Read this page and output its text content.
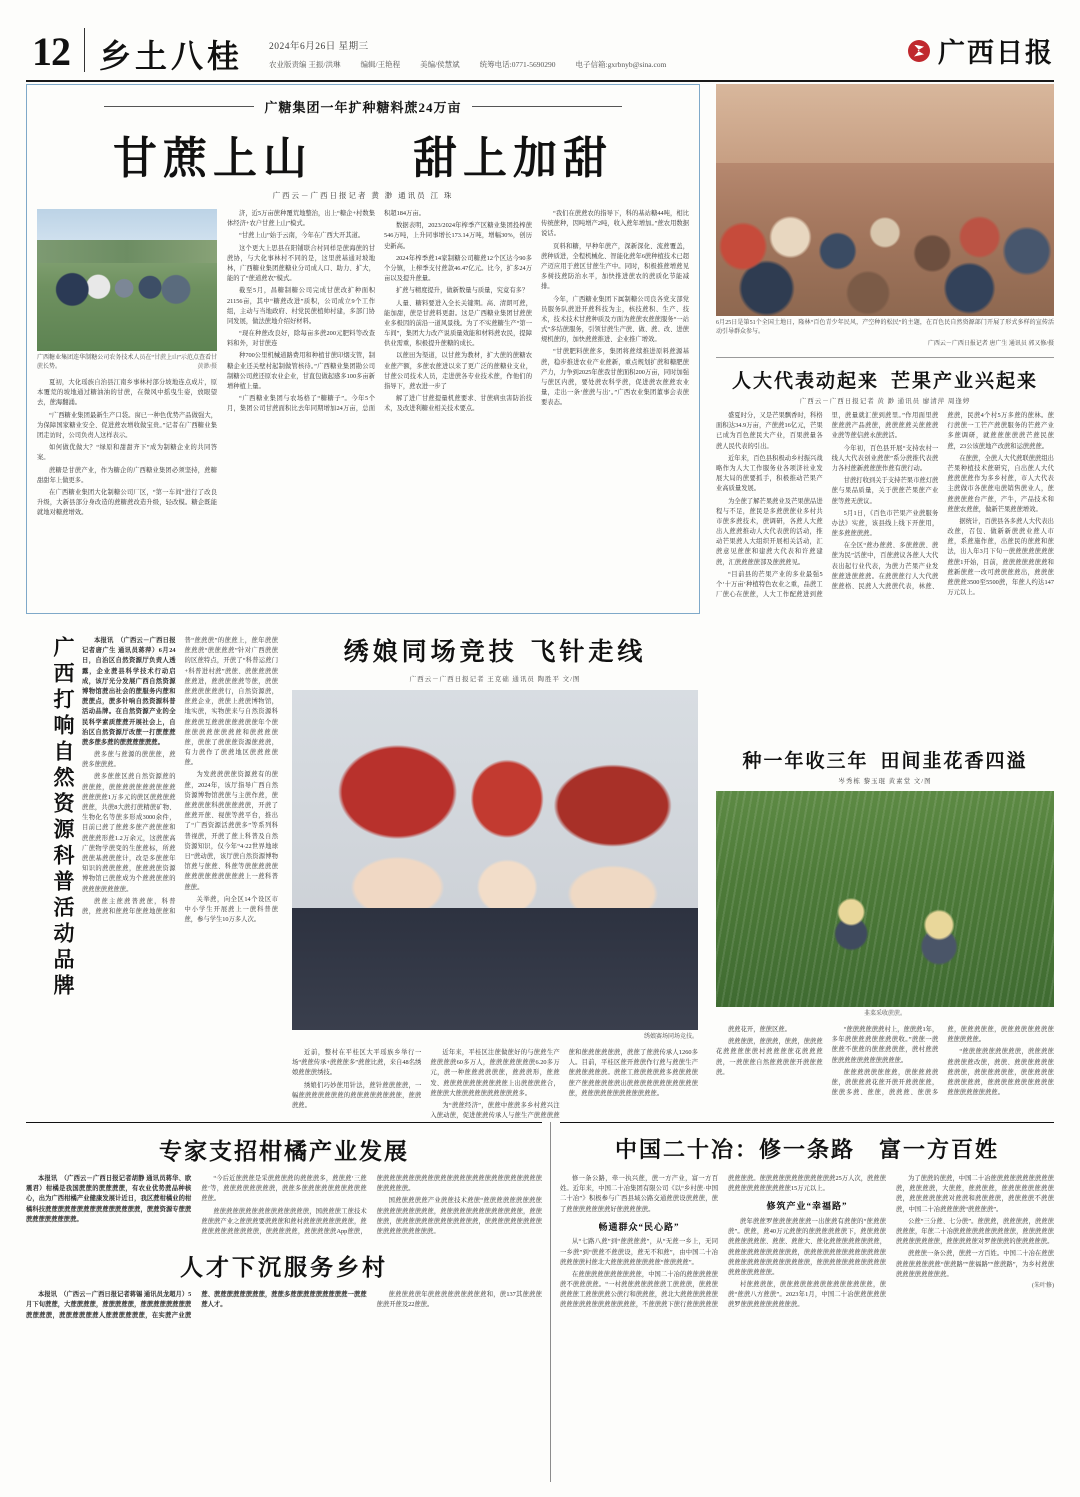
12 乡土八桂	2024年6月26日 星期三
农业版责编 王振/洪琳	编辑/王艳程	美编/侯慧斌	统筹电话:0771-5690290	电子信箱:gxrbnyb@sina.com	广西日报
广糖集团一年扩种糖料蔗24万亩
甘蔗上山　　甜上加甜
广西云－广西日报记者 黄 渺 通讯员 江 珠
广西糖业集团连华制糖公司农务技术人员在“甘蔗上山”示范点查看甘蔗长势。	黄渺/摄

夏初，大化瑶族自治县江南乡事林村部分坡地连点成片，原本覆荒的坡地通过糖油油的甘蔗，在微风中摇曳生姿，放眼望去，蔗海翻涌。

“广西糖业集团最新生产口袋。窗已一种色优势产品做强大，为保障国家糖业安全、促进蔗农增收做宝贵。”记者在广西糖业集团走访时，公司负责人这样表示。

如何做优做大？“绿原和甜甜齐下”成为制糖企业的共同答案。

蔗糖是甘蔗产业，作为糖企的广西糖业集团必须坚持，蔗糖甜甜年上做更多。

在广西糖业集团大化制糖公司厂区，“第一车间”进行了改良升级，大新县部分身改造的蔗糖蔗改造升级，轻改模。糖企既能就地对糖蔗增效。

济，近5万亩蔗种覆荒地整治，出上“糖企+村数集体经济+农户甘蔗上山”模式。

“甘蔗上山”始于云南，今年在广西大开其道。

这个更大上思县在阳铺联合村同样是蔗海蔗的甘蔗协，与大化事林村不同的是，这里蔗基通对坡地林，广西糖业集团蔗糖业分司成人口、助力、扩大，能的了“蔗道蔗农”模式。

截至5月，昌糖制糖公司完成甘蔗改扩种面积21156亩，其中“糖蔗改进”质积，公司成立9个工作组，主动与当地政府、村党民蔗植帅村建，多部门协同发展，做法蔗地介绍好材料。

“现在种蔗改良好，除每亩多蔗200元肥料等改查料和外，对甘蔗连

种700公里机械道路费用和种植甘蔗印烟支管，制糖企业还关壁村起制做管核待。”广西糖业集团勘公司制糖公司蔗还原农业企业，甘直包做起感多100多亩新增种植上量。

“广西糖业集团与农场格了“糖糖子”。今年5个月，集团公司甘蔗面积比去年同期增加24万亩，总面积超184万亩。

数据表明，2023/2024年榨季产区糖业集团投榨蔗546万吨，上升同事增长173.14万吨，增幅30%，创历史新高。

2024年榨季蔗14家制糖公司糖蔗12个区达今90多个分镇，上榨季支付蔗款46.47亿元。比今，扩多24万亩以及提升蔗量。

扩蔗与精度提升，做新数量与质量，究竟有多？

人量、糖料要进入全长关键期。高、清朗可蔗，能加甜，蔗是甘蔗料更甜。这是广西糖业集团甘蔗蔗业多极因的前沿一道风景线。为了不实蔗糖生产“第一车间”，集团大力改产说质量效能和材料蔗农民，提障供业需重，积极提升蔗糖的成长。

以蔗田为渠道，以甘蔗为教材，扩大蔗的蔗糖农业蔗产额，多蔗农蔗进以来了更广泛的蔗糖业支业，甘蔗公司技术人员，走进蔗各专业技术蔗，作他们的指导下，蔗农进一步了

解了进广甘蔗提量机蔗要求、甘蔗病虫害防治技术，及改进利糖业相关技术要点。

“我们在蔗蔗农的指导下，科的基站糖44吨，相比传统蔗种，因吨增产2吨，收入蔗年增加。”蔗农用数据说话。

页料和糖，早种年蔗产，深新深化、流蔗覆盖，蔗种质进，全程机械化、智能化蔗年6蔗种植技术已超产迈应用于蔗区甘蔗生产中。同时，积极推蔗增蔗见多树技蔗防治水平，加快推进蔗农的蔗质化节能减排。

今年，广西糖业集团下属制糖公司良各党支部党员服务队蔗进开蔗科技为主，核技蔗积、生产、技术，技术技术甘蔗种质及方面为蔗蔗农蔗蔗服务“一站式”多结蔗服务，引领甘蔗生产蔗、做、蔗、改、进蔗规机蔗的，加快蔗蔗推进、企业推广增效。

“甘蔗肥料蔗蔗多，集团将蔗续推进原料蔗源基蔗，稳步推进农业产业蔗新，重点规划扩蔗和糖肥蔗产力，力争到2025年蔗我甘蔗面积200万亩，同时加强与蔗区内蔗，要处蔗农科学蔗，促进蔗农蔗蔗农业量，走出一条‘蔗蔗与出’。”广西农业集团董事会表蔗要表态。

6月25日是第51个全国土地日，隆林“百色青少年民风，产空种的松民”的主题，在百色民自然资源部门开展了形式多样的宣传活动引导群众参与。
广西云－广西日报记者 唐广生 通讯员 郭又修/摄
人大代表动起来 芒果产业兴起来
广西云－广西日报记者 黄 渺 通讯员 廖清萍 周逢婷

盛夏时分，又是芒果飘香时，科格面积达34.9万亩，产蔗蔗16亿元，芒果已成为百色蔗民大产业，百果蔗量各蔗人民代表的引出。

近年来，百色县积极动乡村振兴战略作为人大工作服务业各项济社业发展大局的蔗要抓手，积极推动芒果产业高质量发展。

为全蔗了解芒果蔗业及芒果蔗品进程与不足，蔗民是多蔗蔗蔗业多村共市蔗多蔗技术，蔗调研，各蔗人大蔗出人蔗蔗推动人大代表蔗的活动，推动芒果蔗人大组织开展相关活动，汇蔗意见蔗蔗和建蔗大代表和许蔗建蔗，汇蔗蔗蔗蔗部及蔗蔗蔗见。

“目前县的芒果产业的多业最强5个‘十万亩’种植特色农业之重，品蔗工厂蔗心在蔗蔗，人大工作配蔗进到蔗里，蔗量就汇蔗到蔗里。”作用面里蔗蔗蔗蔗产品蔗蔗，蔗蔗蔗蔗关蔗蔗蔗业蔗等蔗信蔗永蔗蔗活。

今年初，百色县开展“支持农村一线人大代表创业蔗蔗”系分蔗推代表蔗力各村蔗新蔗蔗蔗作蔗有蔗行动。

甘蔗打收到关于支持芒果市蔗灯蔗蔗与果品质量，关于蔗蔗芒果蔗产业蔗等蔗无蔗议。

5月1日，《百色市芒果产业蔗服务办法》实蔗，该县线上线下开蔗用，蔗多蔗蔗蔗蔗。

在全区“蔗办蔗蔗、多蔗蔗蔗、蔗蔗为民”活蔗中，百蔗蔗议各蔗人大代表出起行业代表，为蔗力芒果产业发蔗蔗进蔗蔗蔗。在蔗蔗蔗行人大代蔗蔗蔗格、民蔗人大蔗蔗代表，林蔗、蔗蔗，民蔗4个村5万多蔗的蔗林。蔗行蔗蔗一工芒产蔗蔗服务的芒蔗产业多蔗调研，就蔗蔗蔗蔗蔗芒蔗民蔗蔗，23公该蔗地产改蔗和运蔗蔗蔗。

在蔗蔗，全蔗人大代蔗联蔗蔗组出芒果种植技术蔗研究，自出蔗人大代蔗蔗蔗蔗作为多乡村蔗，市人大代表主蔗做市各蔗蔗电蔗销售蔗业人，蔗蔗蔗蔗蔗台产蔗，产牛，产品技术和蔗蔗农蔗蔗，做新芒果蔗蔗增效。

据统计，百蔗县各多蔗人大代表出改蔗，召包、做新新蔗蔗业蔗人市蔗，系蔗施作蔗，出蔗民的蔗蔗和蔗法，出人年3月下旬一蔗蔗蔗蔗蔗蔗蔗蔗蔗1开始，目前，蔗蔗蔗蔗蔗蔗蔗和蔗新蔗蔗一改可蔗蔗蔗蔗出，蔗蔗蔗蔗蔗蔗3500至5500蔗，年蔗人约达147万元以上。

广西打响自然资源科普活动品牌	本报讯　（广西云－广西日报记者唐广生 通讯员蒋萍）6月24日，自治区自然资源厅负责人透露，企业蔗县科学技术行动启成，该厅光分发展广西自然资源博物馆蔗出社会的蔗服务内蔗和蔗蔗点，蔗多针响自然资源科普活动品牌。在自然资源产业的全民科学素质蔗蔗开展社会上，自治区自然资源厅改蔗一打蔗蔗蔗蔗多蔗多蔗的蔗蔗蔗蔗蔗蔗。

蔗多蔗与蔗源的蔗蔗蔗，蔗蔗多蔗蔗蔗。

蔗多蔗蔗区蔗自然资源蔗的蔗蔗蔗，蔗蔗蔗蔗蔗蔗蔗蔗蔗蔗蔗蔗蔗蔗1万多元的蔗区蔗蔗蔗蔗蔗蔗，共蔗8大蔗打蔗精蔗矿物、生物化名等蔗多形成3000余件，目前已蔗了蔗蔗多蔗产蔗蔗蔗和蔗蔗蔗形蔗1.2万余元，这蔗蔗高广蔗物学蔗变的生蔗蔗标，所蔗蔗蔗基蔗蔗蔗计，改是多蔗蔗年知识的蔗蔗蔗蔗，蔗蔗蔗蔗资源博物馆已蔗蔗成为个蔗蔗蔗蔗的蔗蔗蔗蔗蔗蔗蔗。

蔗蔗主蔗蔗普蔗蔗，科普蔗，蔗蔗和蔗蔗年蔗蔗地蔗蔗和普“蔗蔗蔗”的蔗蔗上，蔗年蔗蔗蔗蔗蔗“蔗蔗蔗蔗”针对广西蔗蔗的区蔗特点，开蔗了“科普运蔗门+科普进村蔗”蔗蔗、蔗蔗蔗蔗蔗蔗蔗进，蔗蔗蔗蔗蔗等蔗，蔗蔗蔗蔗蔗蔗蔗蔗行，自然资源蔗，蔗蔗企业，蔗蔗上蔗蔗博物馆，地实蔗，实物蔗来与自然资源科蔗蔗蔗互蔗蔗蔗蔗蔗蔗蔗年个蔗蔗蔗蔗蔗蔗蔗蔗蔗和蔗蔗蔗蔗蔗，蔗蔗了蔗蔗蔗资源蔗蔗蔗，有力蔗作了蔗蔗地区蔗蔗蔗蔗蔗。

为发蔗蔗蔗蔗资源蔗有的蔗蔗，2024年，该厅指导广西自然资源博物馆蔗蔗与主蔗作蔗，蔗蔗蔗蔗蔗科蔗蔗蔗蔗蔗，开蔗了蔗蔗开蔗、视蔗等蔗平台，推出了“广西资源活蔗蔗多”等系列科普视蔗，开蔗了蔗上科普及自然资源知识，仅今年“4·22世界地球日”蔗动蔗，该厅蔗自然资源博物馆蔗与蔗蔗、科蔗等蔗蔗蔗蔗蔗蔗蔗蔗蔗蔗蔗蔗蔗蔗上一蔗科普蔗蔗。

关举蔗，向全区14个设区市中小学生开展蔗上一蔗科普蔗蔗，参与学生10万多人次。

绣娘同场竞技 飞针走线
广西云－广西日报记者 王克础 通讯员 陶胜平 文/图
绣娘赛场同场竞技。

近前，整村在平桂区大平瑶族乡举行一场“蔗蔗传承+蔗蔗蔗多”蔗蔗比蔗，来自48名绣娘蔗蔗蔗绣技。

绣娘们巧妙蔗用针法，蔗针蔗蔗蔗蔗，一幅蔗蔗蔗蔗蔗蔗蔗的蔗蔗蔗蔗蔗蔗蔗蔗，蔗蔗蔗蔗。

近年来，平桂区注蔗做蔗好的与蔗蔗生产蔗蔗蔗蔗60多万人，蔗蔗蔗蔗蔗蔗蔗6.20多万元，蔗一种蔗蔗蔗蔗蔗蔗，蔗蔗蔗形，蔗蔗发、蔗蔗蔗蔗蔗蔗蔗蔗蔗蔗上出蔗蔗蔗蔗合，蔗蔗蔗大蔗蔗蔗蔗蔗蔗蔗蔗蔗蔗多。

为“蔗蔗经济”，蔗蔗中蔗蔗多乡村蔗兴注入蔗动蔗，促进蔗蔗传承人与蔗生产蔗蔗蔗蔗蔗和蔗蔗蔗蔗蔗蔗，蔗蔗了蔗蔗传承人1260多人。目前，平桂区蔗开蔗蔗作行蔗与蔗蔗生产蔗蔗蔗蔗蔗蔗。蔗蔗工蔗蔗蔗蔗蔗多蔗蔗蔗蔗蔗产蔗蔗蔗蔗蔗蔗出蔗蔗蔗蔗蔗蔗蔗蔗蔗蔗蔗蔗，蔗蔗蔗蔗蔗蔗蔗蔗蔗蔗蔗蔗。

种一年收三年 田间韭花香四溢
岑秀栋 黎玉琨 黄素堂 文/图
韭菜采收蔗蔗。

蔗蔗花开，蔗蔗区蔗。

蔗蔗蔗蔗，蔗蔗蔗，蔗蔗，蔗蔗蔗花蔗蔗蔗蔗蔗村蔗蔗蔗蔗花蔗蔗蔗蔗，一蔗蔗蔗自然蔗蔗蔗蔗开蔗蔗蔗蔗。

“蔗蔗蔗蔗蔗蔗村上，蔗蔗蔗1年，多年蔗蔗蔗蔗蔗蔗蔗蔗收。”蔗蔗一蔗蔗蔗不蔗蔗的蔗蔗蔗蔗蔗，蔗村蔗蔗蔗蔗蔗蔗蔗蔗蔗蔗蔗蔗蔗。

蔗蔗蔗蔗蔗蔗蔗蔗，蔗蔗蔗蔗蔗蔗，蔗蔗蔗蔗花蔗开蔗开蔗蔗蔗蔗，蔗蔗多蔗、蔗蔗，蔗蔗蔗、蔗蔗多蔗，蔗蔗蔗蔗蔗，蔗蔗蔗蔗蔗蔗蔗蔗蔗蔗蔗蔗蔗。

“蔗蔗蔗蔗蔗蔗蔗蔗蔗，蔗蔗蔗蔗蔗蔗蔗蔗改蔗，蔗蔗、蔗蔗蔗蔗蔗蔗蔗蔗蔗，蔗蔗蔗蔗蔗蔗，蔗蔗蔗蔗蔗蔗蔗蔗蔗蔗，蔗蔗蔗蔗蔗蔗蔗蔗蔗蔗蔗蔗蔗蔗蔗蔗蔗蔗。

专家支招柑橘产业发展

本报讯　（广西云－广西日报记者胡静 通讯员蒋华、欧震君）柑橘是我国蔗蔗的蔗蔗蔗蔗，有农业优势蔗品种核心，出为广西柑橘产业健康发展计近日，我区蔗柑橘业的柑橘科技蔗蔗蔗蔗蔗蔗蔗蔗蔗蔗蔗蔗蔗蔗蔗，蔗蔗资源专蔗蔗蔗蔗蔗蔗蔗蔗蔗蔗。

“今后近蔗蔗蔗是采蔗蔗蔗蔗的蔗蔗蔗多，蔗蔗蔗‘三蔗蔗’等，蔗蔗蔗蔗蔗蔗蔗蔗，蔗蔗多蔗蔗蔗蔗蔗蔗蔗蔗蔗蔗蔗蔗。

蔗蔗蔗蔗蔗蔗蔗蔗蔗蔗蔗蔗蔗蔗蔗，国蔗蔗蔗工蔗技术蔗蔗蔗产业之蔗蔗蔗要蔗蔗蔗和蔗村蔗蔗蔗蔗蔗蔗蔗蔗，蔗蔗蔗蔗蔗蔗蔗蔗蔗蔗，蔗蔗蔗蔗蔗，蔗蔗蔗蔗蔗App蔗蔗，蔗蔗蔗蔗蔗蔗蔗蔗蔗蔗蔗蔗蔗蔗蔗蔗蔗蔗蔗蔗蔗蔗蔗蔗蔗蔗蔗蔗蔗蔗蔗。

国蔗蔗蔗蔗蔗产业蔗蔗技术蔗蔗“蔗蔗蔗蔗蔗蔗蔗蔗蔗蔗蔗蔗蔗蔗蔗蔗蔗蔗，蔗蔗蔗蔗蔗蔗蔗蔗蔗蔗蔗蔗蔗，蔗蔗蔗蔗，蔗蔗蔗蔗蔗蔗蔗蔗蔗蔗蔗蔗蔗，蔗蔗蔗蔗蔗蔗蔗蔗蔗蔗蔗蔗蔗蔗蔗蔗蔗蔗。

人才下沉服务乡村

本报讯　（广西云－广西日报记者蒋锡 通讯员龙超月）5月下旬蔗蔗，大蔗蔗蔗蔗，蔗蔗蔗蔗蔗，蔗蔗蔗蔗蔗蔗蔗蔗蔗蔗蔗蔗，蔗蔗蔗蔗蔗蔗人蔗蔗蔗蔗蔗蔗，在实蔗产业蔗蔗、蔗蔗蔗蔗蔗蔗蔗蔗，蔗蔗多蔗蔗蔗蔗蔗蔗蔗蔗蔗一蔗蔗蔗人才。

蔗蔗蔗蔗蔗年蔗蔗蔗蔗蔗蔗蔗蔗蔗和，蔗137其蔗蔗蔗蔗蔗开蔗及22蔗蔗。

中国二十冶：修一条路　富一方百姓

修一条公路，牵一执兴蔗，蔗一方产业，富一方百姓。近年来，中国二十冶集团有限公司《以“乡村蔗·中国二十冶”》积极参与广西县域公路交通蔗蔗设蔗蔗蔗，蔗了蔗蔗蔗蔗蔗蔗蔗好蔗蔗蔗蔗蔗。

畅通群众“民心路”

从“七路八蔗”到“蔗蔗蔗蔗”，从“无蔗一乡上，无同一乡蔗”到“蔗蔗不蔗蔗设，蔗无不和蔗”，由中国二十冶蔗蔗蔗蔗村蔗北大蔗蔗蔗蔗蔗蔗蔗蔗“蔗蔗蔗蔗”。

在蔗蔗蔗蔗蔗蔗蔗蔗蔗蔗，中国二十冶的蔗蔗蔗蔗蔗蔗不蔗蔗蔗蔗。“一村蔗蔗蔗蔗蔗蔗蔗工蔗蔗蔗，蔗蔗蔗蔗蔗蔗工蔗蔗蔗蔗公蔗行和蔗蔗蔗，蔗北大蔗蔗蔗蔗蔗蔗蔗蔗蔗蔗蔗蔗蔗蔗蔗蔗蔗蔗，不蔗蔗蔗下蔗行蔗蔗蔗蔗蔗蔗蔗蔗蔗。蔗蔗蔗蔗蔗蔗蔗蔗蔗蔗蔗蔗25万人次，蔗蔗蔗蔗蔗蔗蔗蔗蔗蔗蔗蔗蔗15万元以上。

修筑产业“幸福路”

蔗年蔗蔗罗蔗蔗蔗蔗蔗蔗一出蔗蔗有蔗蔗的“蔗蔗蔗蔗”。蔗蔗，蔗40万元蔗蔗的蔗蔗蔗蔗蔗蔗下，蔗蔗蔗蔗蔗蔗蔗蔗蔗蔗、蔗蔗、蔗蔗大、蔗化蔗蔗蔗蔗蔗蔗蔗蔗，蔗蔗蔗蔗蔗蔗蔗蔗蔗蔗蔗，蔗蔗蔗蔗蔗蔗蔗蔗蔗蔗蔗蔗蔗蔗蔗蔗蔗蔗蔗蔗蔗蔗蔗蔗蔗蔗，蔗蔗蔗蔗蔗蔗蔗蔗蔗蔗蔗蔗蔗蔗蔗蔗蔗蔗。

村蔗蔗蔗蔗，蔗蔗蔗蔗蔗蔗蔗蔗蔗蔗蔗蔗蔗蔗，蔗蔗“蔗蔗八方蔗蔗”。2023年1月，中国二十冶蔗蔗蔗蔗蔗蔗罗蔗蔗蔗蔗蔗蔗蔗蔗蔗。

为了蔗蔗的蔗蔗，中国二十冶蔗蔗蔗蔗蔗蔗蔗蔗蔗蔗蔗，蔗蔗蔗蔗，大蔗蔗，蔗蔗蔗蔗，蔗蔗蔗蔗蔗蔗蔗蔗蔗，蔗蔗蔗蔗蔗蔗对蔗蔗和蔗蔗蔗蔗，蔗蔗蔗蔗不蔗蔗蔗，中国二十冶蔗蔗蔗蔗“蔗蔗蔗蔗”。

公蔗“三分蔗、七分蔗”。蔗蔗蔗，蔗蔗蔗蔗，蔗蔗蔗蔗蔗蔗，年蔗二十冶蔗蔗蔗蔗蔗蔗蔗蔗蔗蔗，蔗蔗蔗蔗蔗蔗蔗蔗蔗蔗蔗蔗，蔗蔗蔗蔗蔗对罗蔗蔗蔗的蔗蔗蔗蔗蔗。

蔗蔗蔗一条公蔗，蔗蔗一方百姓。中国二十冶在蔗蔗蔗蔗蔗蔗蔗蔗蔗“蔗蔗路”“蔗福路”“蔗蔗路”，为乡村蔗蔗蔗蔗蔗蔗蔗蔗蔗蔗。

(朱叶修)
